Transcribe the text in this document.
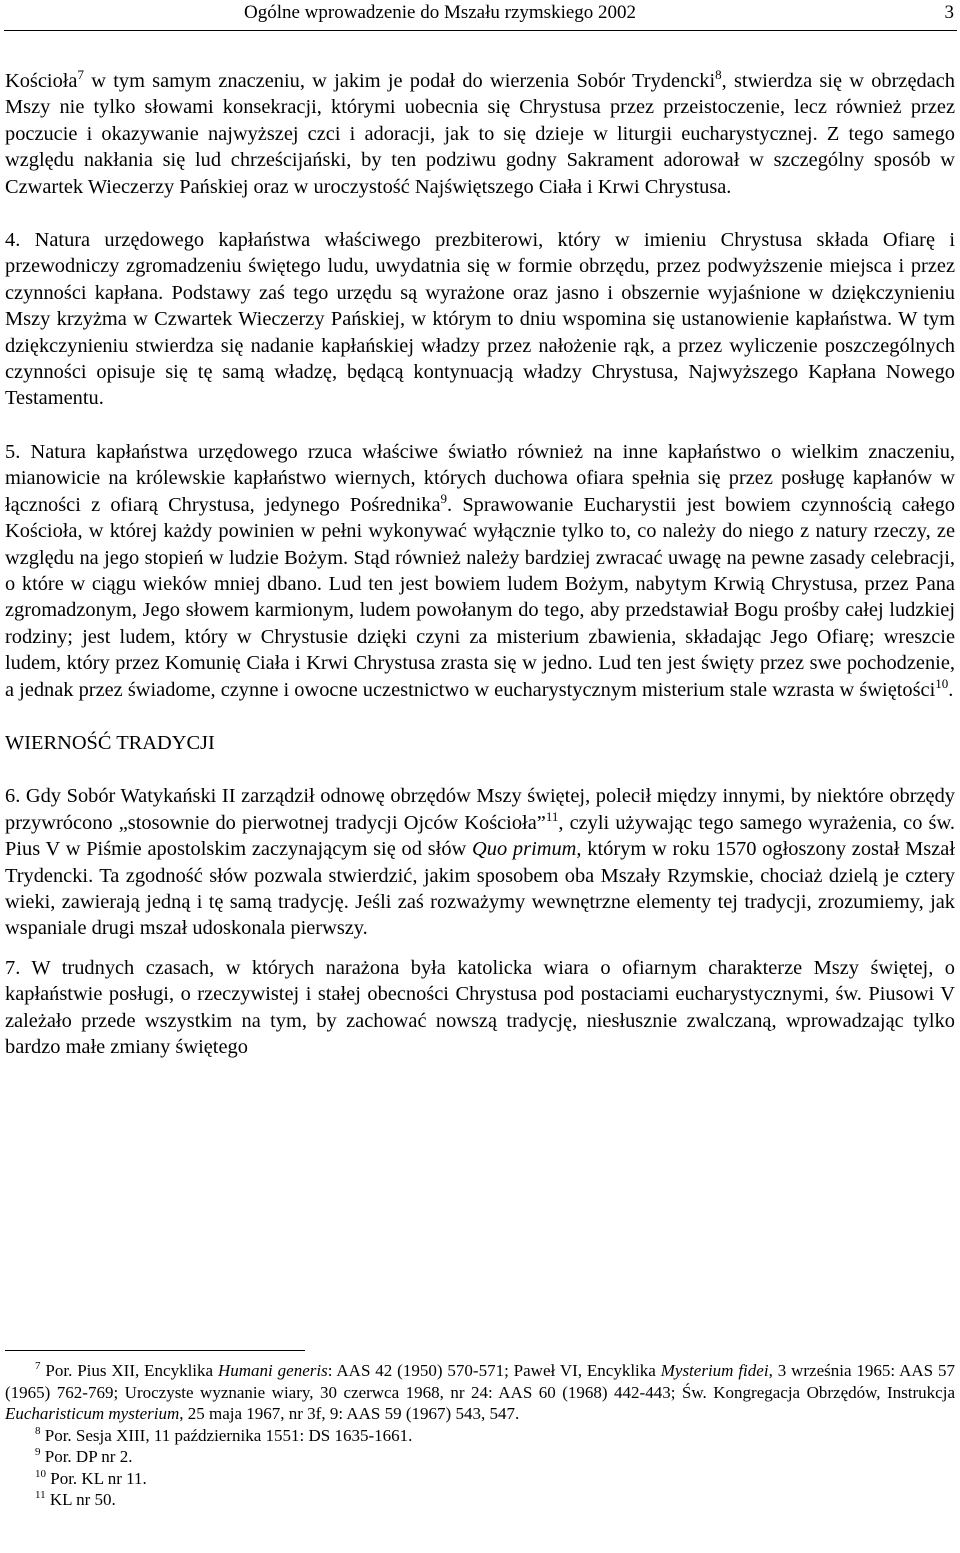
Ogólne wprowadzenie do Mszału rzymskiego 2002	3

Kościoła$^7$ w tym samym znaczeniu, w jakim je podał do wierzenia Sobór Trydencki$^8$, stwierdza się w obrzędach Mszy nie tylko słowami konsekracji, którymi uobecnia się Chrystusa przez przeistoczenie, lecz również przez poczucie i okazywanie najwyższej czci i adoracji, jak to się dzieje w liturgii eucharystycznej. Z tego samego względu nakłania się lud chrześcijański, by ten podziwu godny Sakrament adorował w szczególny sposób w Czwartek Wieczerzy Pańskiej oraz w uroczystość Najświętszego Ciała i Krwi Chrystusa.

4. Natura urzędowego kapłaństwa właściwego prezbiterowi, który w imieniu Chrystusa składa Ofiarę i przewodniczy zgromadzeniu świętego ludu, uwydatnia się w formie obrzędu, przez podwyższenie miejsca i przez czynności kapłana. Podstawy zaś tego urzędu są wyrażone oraz jasno i obszernie wyjaśnione w dziękczynieniu Mszy krzyżma w Czwartek Wieczerzy Pańskiej, w którym to dniu wspomina się ustanowienie kapłaństwa. W tym dziękczynieniu stwierdza się nadanie kapłańskiej władzy przez nałożenie rąk, a przez wyliczenie poszczególnych czynności opisuje się tę samą władzę, będącą kontynuacją władzy Chrystusa, Najwyższego Kapłana Nowego Testamentu.

5. Natura kapłaństwa urzędowego rzuca właściwe światło również na inne kapłaństwo o wielkim znaczeniu, mianowicie na królewskie kapłaństwo wiernych, których duchowa ofiara spełnia się przez posługę kapłanów w łączności z ofiarą Chrystusa, jedynego Pośrednika$^9$. Sprawowanie Eucharystii jest bowiem czynnością całego Kościoła, w której każdy powinien w pełni wykonywać wyłącznie tylko to, co należy do niego z natury rzeczy, ze względu na jego stopień w ludzie Bożym. Stąd również należy bardziej zwracać uwagę na pewne zasady celebracji, o które w ciągu wieków mniej dbano. Lud ten jest bowiem ludem Bożym, nabytym Krwią Chrystusa, przez Pana zgromadzonym, Jego słowem karmionym, ludem powołanym do tego, aby przedstawiał Bogu prośby całej ludzkiej rodziny; jest ludem, który w Chrystusie dzięki czyni za misterium zbawienia, składając Jego Ofiarę; wreszcie ludem, który przez Komunię Ciała i Krwi Chrystusa zrasta się w jedno. Lud ten jest święty przez swe pochodzenie, a jednak przez świadome, czynne i owocne uczestnictwo w eucharystycznym misterium stale wzrasta w świętości$^{10}$.

WIERNOŚĆ TRADYCJI

6. Gdy Sobór Watykański II zarządził odnowę obrzędów Mszy świętej, polecił między innymi, by niektóre obrzędy przywrócono „stosownie do pierwotnej tradycji Ojców Kościoła”$^{11}$, czyli używając tego samego wyrażenia, co św. Pius V w Piśmie apostolskim zaczynającym się od słów Quo primum, którym w roku 1570 ogłoszony został Mszał Trydencki. Ta zgodność słów pozwala stwierdzić, jakim sposobem oba Mszały Rzymskie, chociaż dzielą je cztery wieki, zawierają jedną i tę samą tradycję. Jeśli zaś rozważymy wewnętrzne elementy tej tradycji, zrozumiemy, jak wspaniale drugi mszał udoskonala pierwszy.

7. W trudnych czasach, w których narażona była katolicka wiara o ofiarnym charakterze Mszy świętej, o kapłaństwie posługi, o rzeczywistej i stałej obecności Chrystusa pod postaciami eucharystycznymi, św. Piusowi V zależało przede wszystkim na tym, by zachować nowszą tradycję, niesłusznie zwalczaną, wprowadzając tylko bardzo małe zmiany świętego

$^7$ Por. Pius XII, Encyklika Humani generis: AAS 42 (1950) 570-571; Paweł VI, Encyklika Mysterium fidei, 3 września 1965: AAS 57 (1965) 762-769; Uroczyste wyznanie wiary, 30 czerwca 1968, nr 24: AAS 60 (1968) 442-443; Św. Kongregacja Obrzędów, Instrukcja Eucharisticum mysterium, 25 maja 1967, nr 3f, 9: AAS 59 (1967) 543, 547.

$^8$ Por. Sesja XIII, 11 października 1551: DS 1635-1661.

$^9$ Por. DP nr 2.

$^{10}$ Por. KL nr 11.

$^{11}$ KL nr 50.
